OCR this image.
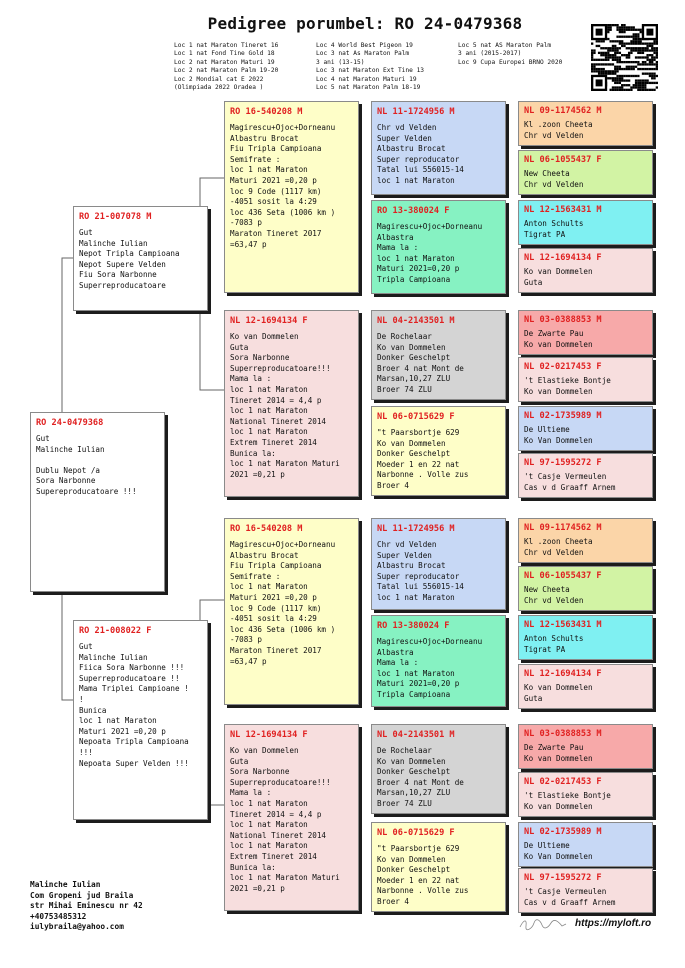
Pedigree porumbel: RO 24-0479368
Loc 1 nat Maraton Tineret 16
Loc 1 nat Fond Tine Gold 18
Loc 2 nat Maraton Maturi 19
Loc 2 nat Maraton Palm 19-20
Loc 2 Mondial cat E 2022
(Olimpiada 2022 Oradea )
Loc 4 World Best Pigeon 19
Loc 3 nat As Maraton Palm
3 ani (13-15)
Loc 3 nat Maraton Ext Tine 13
Loc 4 nat Maraton Maturi 19
Loc 5 nat Maraton Palm 18-19
Loc 5 nat AS Maraton Palm
3 ani (2015-2017)
Loc 9 Cupa Europei BRNO 2020
RO 24-0479368
Gut
Malinche Iulian

Dublu Nepot /a
Sora Narbonne
Supereproducatoare !!!
RO 21-007078 M
Gut
Malinche Iulian
Nepot Tripla Campioana
Nepot Supere Velden
Fiu Sora Narbonne
Superreproducatoare
RO 21-008022 F
Gut
Malinche Iulian
Fiica Sora Narbonne !!!
Superreproducatoare !!
Mama Triplei Campioane !
!
Bunica
loc 1 nat Maraton
Maturi 2021 =0,20 p
Nepoata Tripla Campioana
!!!
Nepoata Super Velden !!!
RO 16-540208 M
Magirescu+Ojoc+Dorneanu
Albastru Brocat
Fiu Tripla Campioana
Semifrate :
loc 1 nat Maraton
Maturi 2021 =0,20 p
loc 9 Code (1117 km)
-4051 sosit la 4:29
loc 436 Seta (1006 km )
-7083 p
Maraton Tineret 2017
=63,47 p
NL 12-1694134 F
Ko van Dommelen
Guta
Sora Narbonne
Superreproducatoare!!!
Mama la :
loc 1 nat Maraton
Tineret 2014 = 4,4 p
loc 1 nat Maraton
National Tineret 2014
loc 1 nat Maraton
Extrem Tineret 2014
Bunica la:
loc 1 nat Maraton Maturi
2021 =0,21 p
RO 16-540208 M
Magirescu+Ojoc+Dorneanu
Albastru Brocat
Fiu Tripla Campioana
Semifrate :
loc 1 nat Maraton
Maturi 2021 =0,20 p
loc 9 Code (1117 km)
-4051 sosit la 4:29
loc 436 Seta (1006 km )
-7083 p
Maraton Tineret 2017
=63,47 p
NL 12-1694134 F
Ko van Dommelen
Guta
Sora Narbonne
Superreproducatoare!!!
Mama la :
loc 1 nat Maraton
Tineret 2014 = 4,4 p
loc 1 nat Maraton
National Tineret 2014
loc 1 nat Maraton
Extrem Tineret 2014
Bunica la:
loc 1 nat Maraton Maturi
2021 =0,21 p
NL 11-1724956 M
Chr vd Velden
Super Velden
Albastru Brocat
Super reproducator
Tatal lui 556015-14
loc 1 nat Maraton
RO 13-380024 F
Magirescu+Ojoc+Dorneanu
Albastra
Mama la :
loc 1 nat Maraton
Maturi 2021=0,20 p
Tripla Campioana
NL 04-2143501 M
De Rochelaar
Ko van Dommelen
Donker Geschelpt
Broer 4 nat Mont de
Marsan,10,27 ZLU
Broer 74 ZLU
NL 06-0715629 F
"t Paarsbortje 629
Ko van Dommelen
Donker Geschelpt
Moeder 1 en 22 nat
Narbonne . Volle zus
Broer 4
NL 11-1724956 M
Chr vd Velden
Super Velden
Albastru Brocat
Super reproducator
Tatal lui 556015-14
loc 1 nat Maraton
RO 13-380024 F
Magirescu+Ojoc+Dorneanu
Albastra
Mama la :
loc 1 nat Maraton
Maturi 2021=0,20 p
Tripla Campioana
NL 04-2143501 M
De Rochelaar
Ko van Dommelen
Donker Geschelpt
Broer 4 nat Mont de
Marsan,10,27 ZLU
Broer 74 ZLU
NL 06-0715629 F
"t Paarsbortje 629
Ko van Dommelen
Donker Geschelpt
Moeder 1 en 22 nat
Narbonne . Volle zus
Broer 4
NL 09-1174562 M
Kl .zoon Cheeta
Chr vd Velden
NL 06-1055437 F
New Cheeta
Chr vd Velden
NL 12-1563431 M
Anton Schults
Tigrat PA
NL 12-1694134 F
Ko van Dommelen
Guta
NL 03-0388853 M
De Zwarte Pau
Ko van Dommelen
NL 02-0217453 F
't Elastieke Bontje
Ko van Dommelen
NL 02-1735989 M
De Ultieme
Ko Van Dommelen
NL 97-1595272 F
't Casje Vermeulen
Cas v d Graaff Arnem
NL 09-1174562 M
Kl .zoon Cheeta
Chr vd Velden
NL 06-1055437 F
New Cheeta
Chr vd Velden
NL 12-1563431 M
Anton Schults
Tigrat PA
NL 12-1694134 F
Ko van Dommelen
Guta
NL 03-0388853 M
De Zwarte Pau
Ko van Dommelen
NL 02-0217453 F
't Elastieke Bontje
Ko van Dommelen
NL 02-1735989 M
De Ultieme
Ko Van Dommelen
NL 97-1595272 F
't Casje Vermeulen
Cas v d Graaff Arnem
Malinche Iulian
Com Gropeni jud Braila
str Mihai Eminescu nr 42
+40753485312
iulybraila@yahoo.com	https://myloft.ro
